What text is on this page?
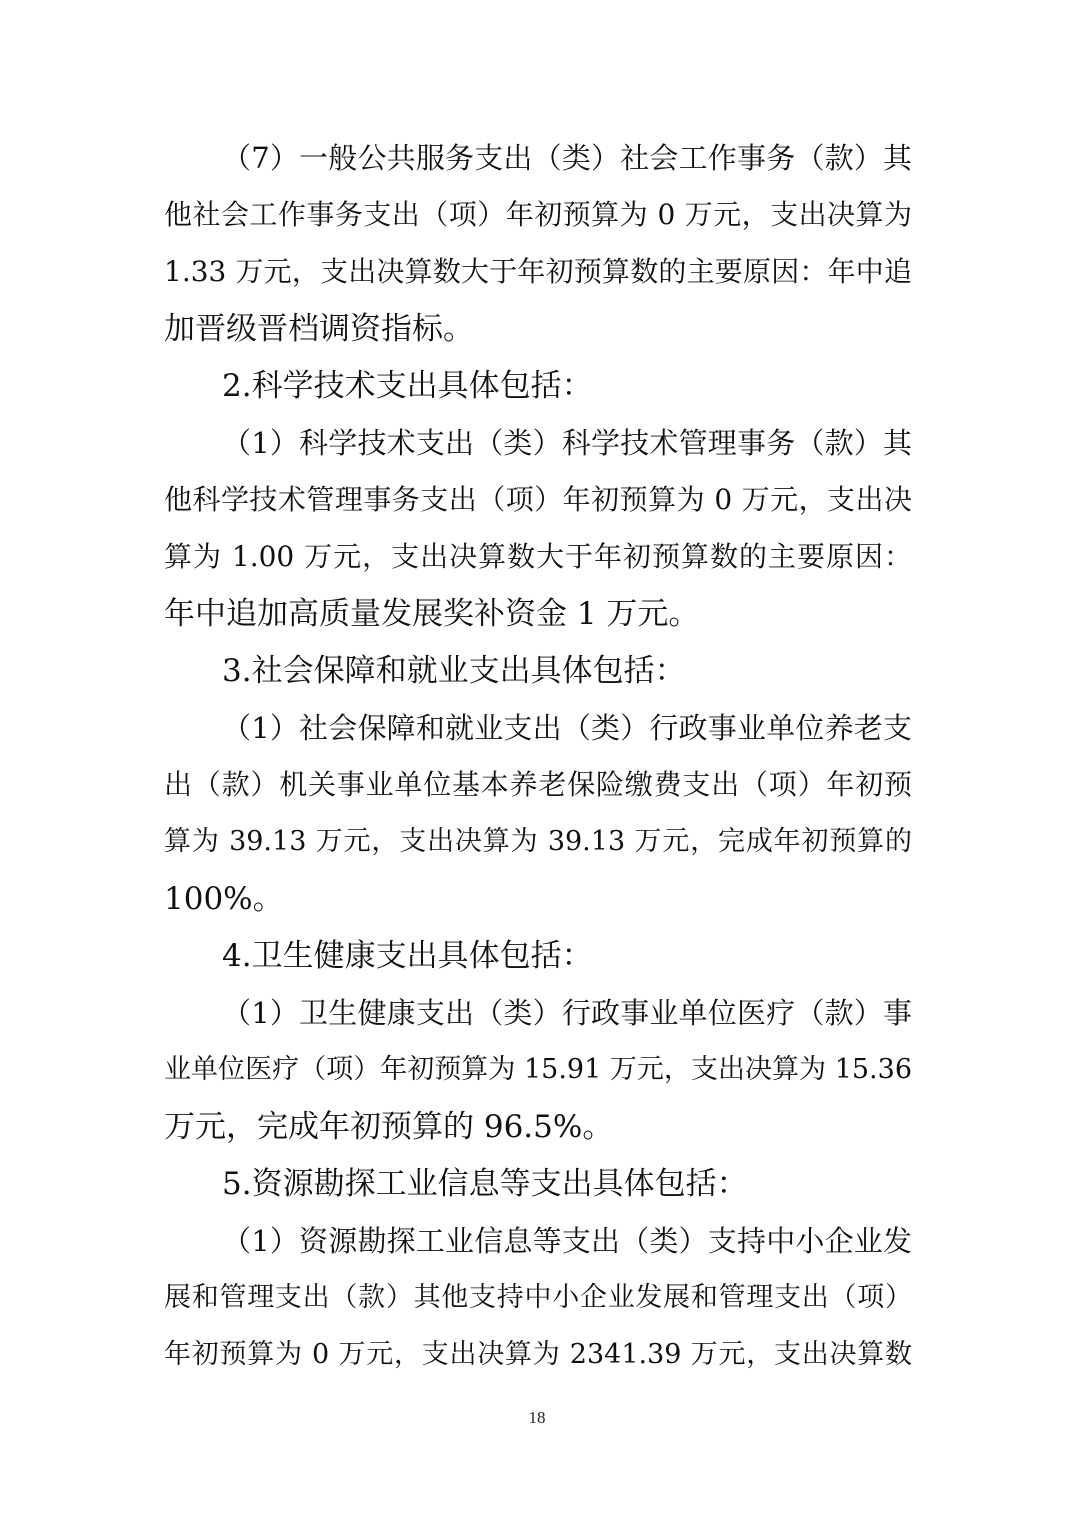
（7）一般公共服务支出（类）社会工作事务（款）其
他社会工作事务支出（项）年初预算为 0 万元，支出决算为
1.33 万元，支出决算数大于年初预算数的主要原因：年中追
加晋级晋档调资指标。
2.科学技术支出具体包括：
（1）科学技术支出（类）科学技术管理事务（款）其
他科学技术管理事务支出（项）年初预算为 0 万元，支出决
算为 1.00 万元，支出决算数大于年初预算数的主要原因：
年中追加高质量发展奖补资金 1 万元。
3.社会保障和就业支出具体包括：
（1）社会保障和就业支出（类）行政事业单位养老支
出（款）机关事业单位基本养老保险缴费支出（项）年初预
算为 39.13 万元，支出决算为 39.13 万元，完成年初预算的
100%。
4.卫生健康支出具体包括：
（1）卫生健康支出（类）行政事业单位医疗（款）事
业单位医疗（项）年初预算为 15.91 万元，支出决算为 15.36
万元，完成年初预算的 96.5%。
5.资源勘探工业信息等支出具体包括：
（1）资源勘探工业信息等支出（类）支持中小企业发
展和管理支出（款）其他支持中小企业发展和管理支出（项）
年初预算为 0 万元，支出决算为 2341.39 万元，支出决算数
18
